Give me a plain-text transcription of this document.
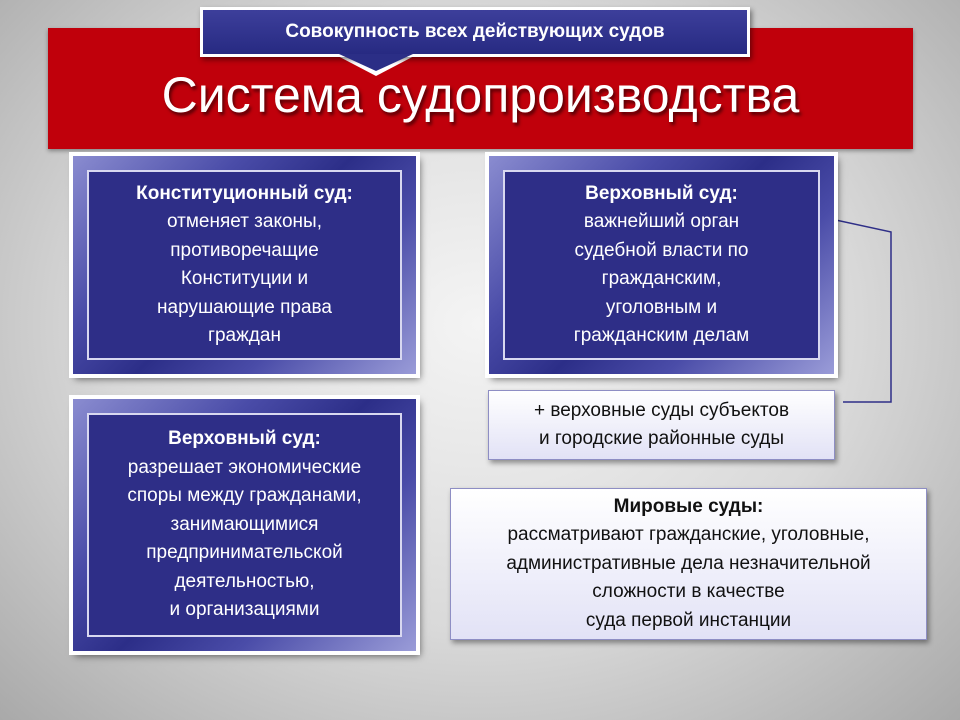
Система судопроизводства
Совокупность всех действующих судов
Конституционный суд:
отменяет законы,
противоречащие
Конституции и
нарушающие права
граждан
Верховный суд:
важнейший орган
судебной власти по
гражданским,
уголовным и
гражданским делам
+ верховные суды субъектов
и городские районные суды
Верховный суд:
разрешает экономические
споры между гражданами,
занимающимися
предпринимательской
деятельностью,
и организациями
Мировые суды:
рассматривают гражданские, уголовные,
административные дела незначительной
сложности в качестве
суда первой инстанции
